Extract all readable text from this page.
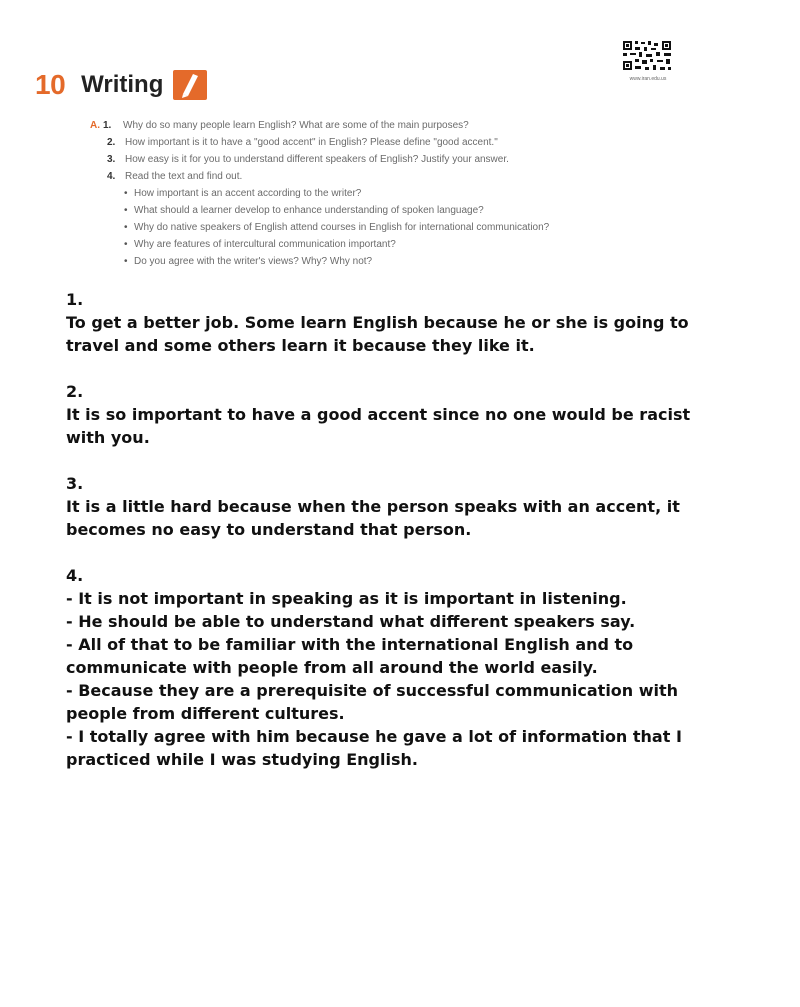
10 Writing	www.iran.edu.us
A. 1. Why do so many people learn English? What are some of the main purposes?
2. How important is it to have a "good accent" in English? Please define "good accent."
3. How easy is it for you to understand different speakers of English? Justify your answer.
4. Read the text and find out.
• How important is an accent according to the writer?
• What should a learner develop to enhance understanding of spoken language?
• Why do native speakers of English attend courses in English for international communication?
• Why are features of intercultural communication important?
• Do you agree with the writer's views? Why? Why not?
1.
To get a better job. Some learn English because he or she is going to
travel and some others learn it because they like it.
2.
It is so important to have a good accent since no one would be racist
with you.
3.
It is a little hard because when the person speaks with an accent, it
becomes no easy to understand that person.
4.
- It is not important in speaking as it is important in listening.
- He should be able to understand what different speakers say.
- All of that to be familiar with the international English and to
communicate with people from all around the world easily.
- Because they are a prerequisite of successful communication with
people from different cultures.
- I totally agree with him because he gave a lot of information that I
practiced while I was studying English.
